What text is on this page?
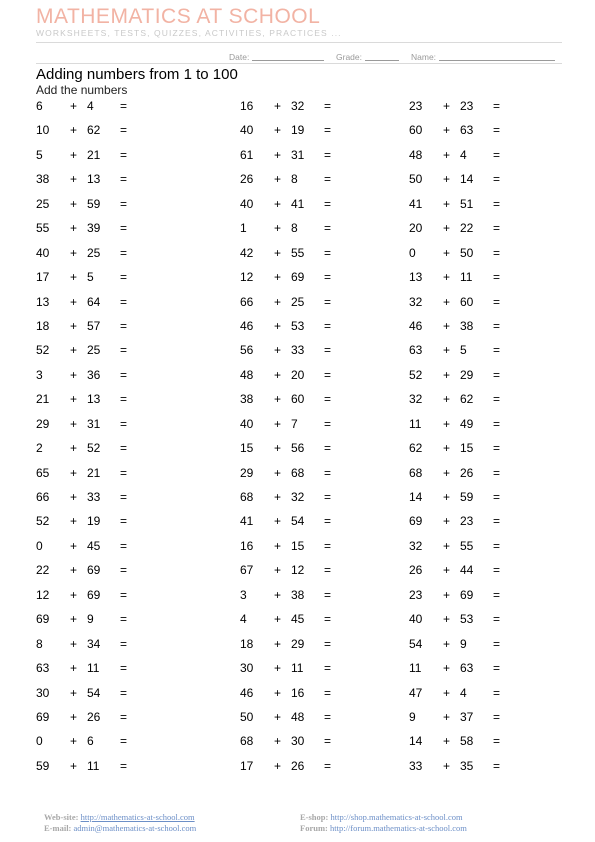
MATHEMATICS AT SCHOOL
WORKSHEETS, TESTS, QUIZZES, ACTIVITIES, PRACTICES ...
Date:	Grade:	Name:
Adding numbers from 1 to 100
Add the numbers
6 + 4 =
10 + 62 =
5 + 21 =
38 + 13 =
25 + 59 =
55 + 39 =
40 + 25 =
17 + 5 =
13 + 64 =
18 + 57 =
52 + 25 =
3 + 36 =
21 + 13 =
29 + 31 =
2 + 52 =
65 + 21 =
66 + 33 =
52 + 19 =
0 + 45 =
22 + 69 =
12 + 69 =
69 + 9 =
8 + 34 =
63 + 11 =
30 + 54 =
69 + 26 =
0 + 6 =
59 + 11 =
16 + 32 =
40 + 19 =
61 + 31 =
26 + 8 =
40 + 41 =
1 + 8 =
42 + 55 =
12 + 69 =
66 + 25 =
46 + 53 =
56 + 33 =
48 + 20 =
38 + 60 =
40 + 7 =
15 + 56 =
29 + 68 =
68 + 32 =
41 + 54 =
16 + 15 =
67 + 12 =
3 + 38 =
4 + 45 =
18 + 29 =
30 + 11 =
46 + 16 =
50 + 48 =
68 + 30 =
17 + 26 =
23 + 23 =
60 + 63 =
48 + 4 =
50 + 14 =
41 + 51 =
20 + 22 =
0 + 50 =
13 + 11 =
32 + 60 =
46 + 38 =
63 + 5 =
52 + 29 =
32 + 62 =
11 + 49 =
62 + 15 =
68 + 26 =
14 + 59 =
69 + 23 =
32 + 55 =
26 + 44 =
23 + 69 =
40 + 53 =
54 + 9 =
11 + 63 =
47 + 4 =
9 + 37 =
14 + 58 =
33 + 35 =
Web-site: http://mathematics-at-school.com
E-mail: admin@mathematics-at-school.com
E-shop: http://shop.mathematics-at-school.com
Forum: http://forum.mathematics-at-school.com
